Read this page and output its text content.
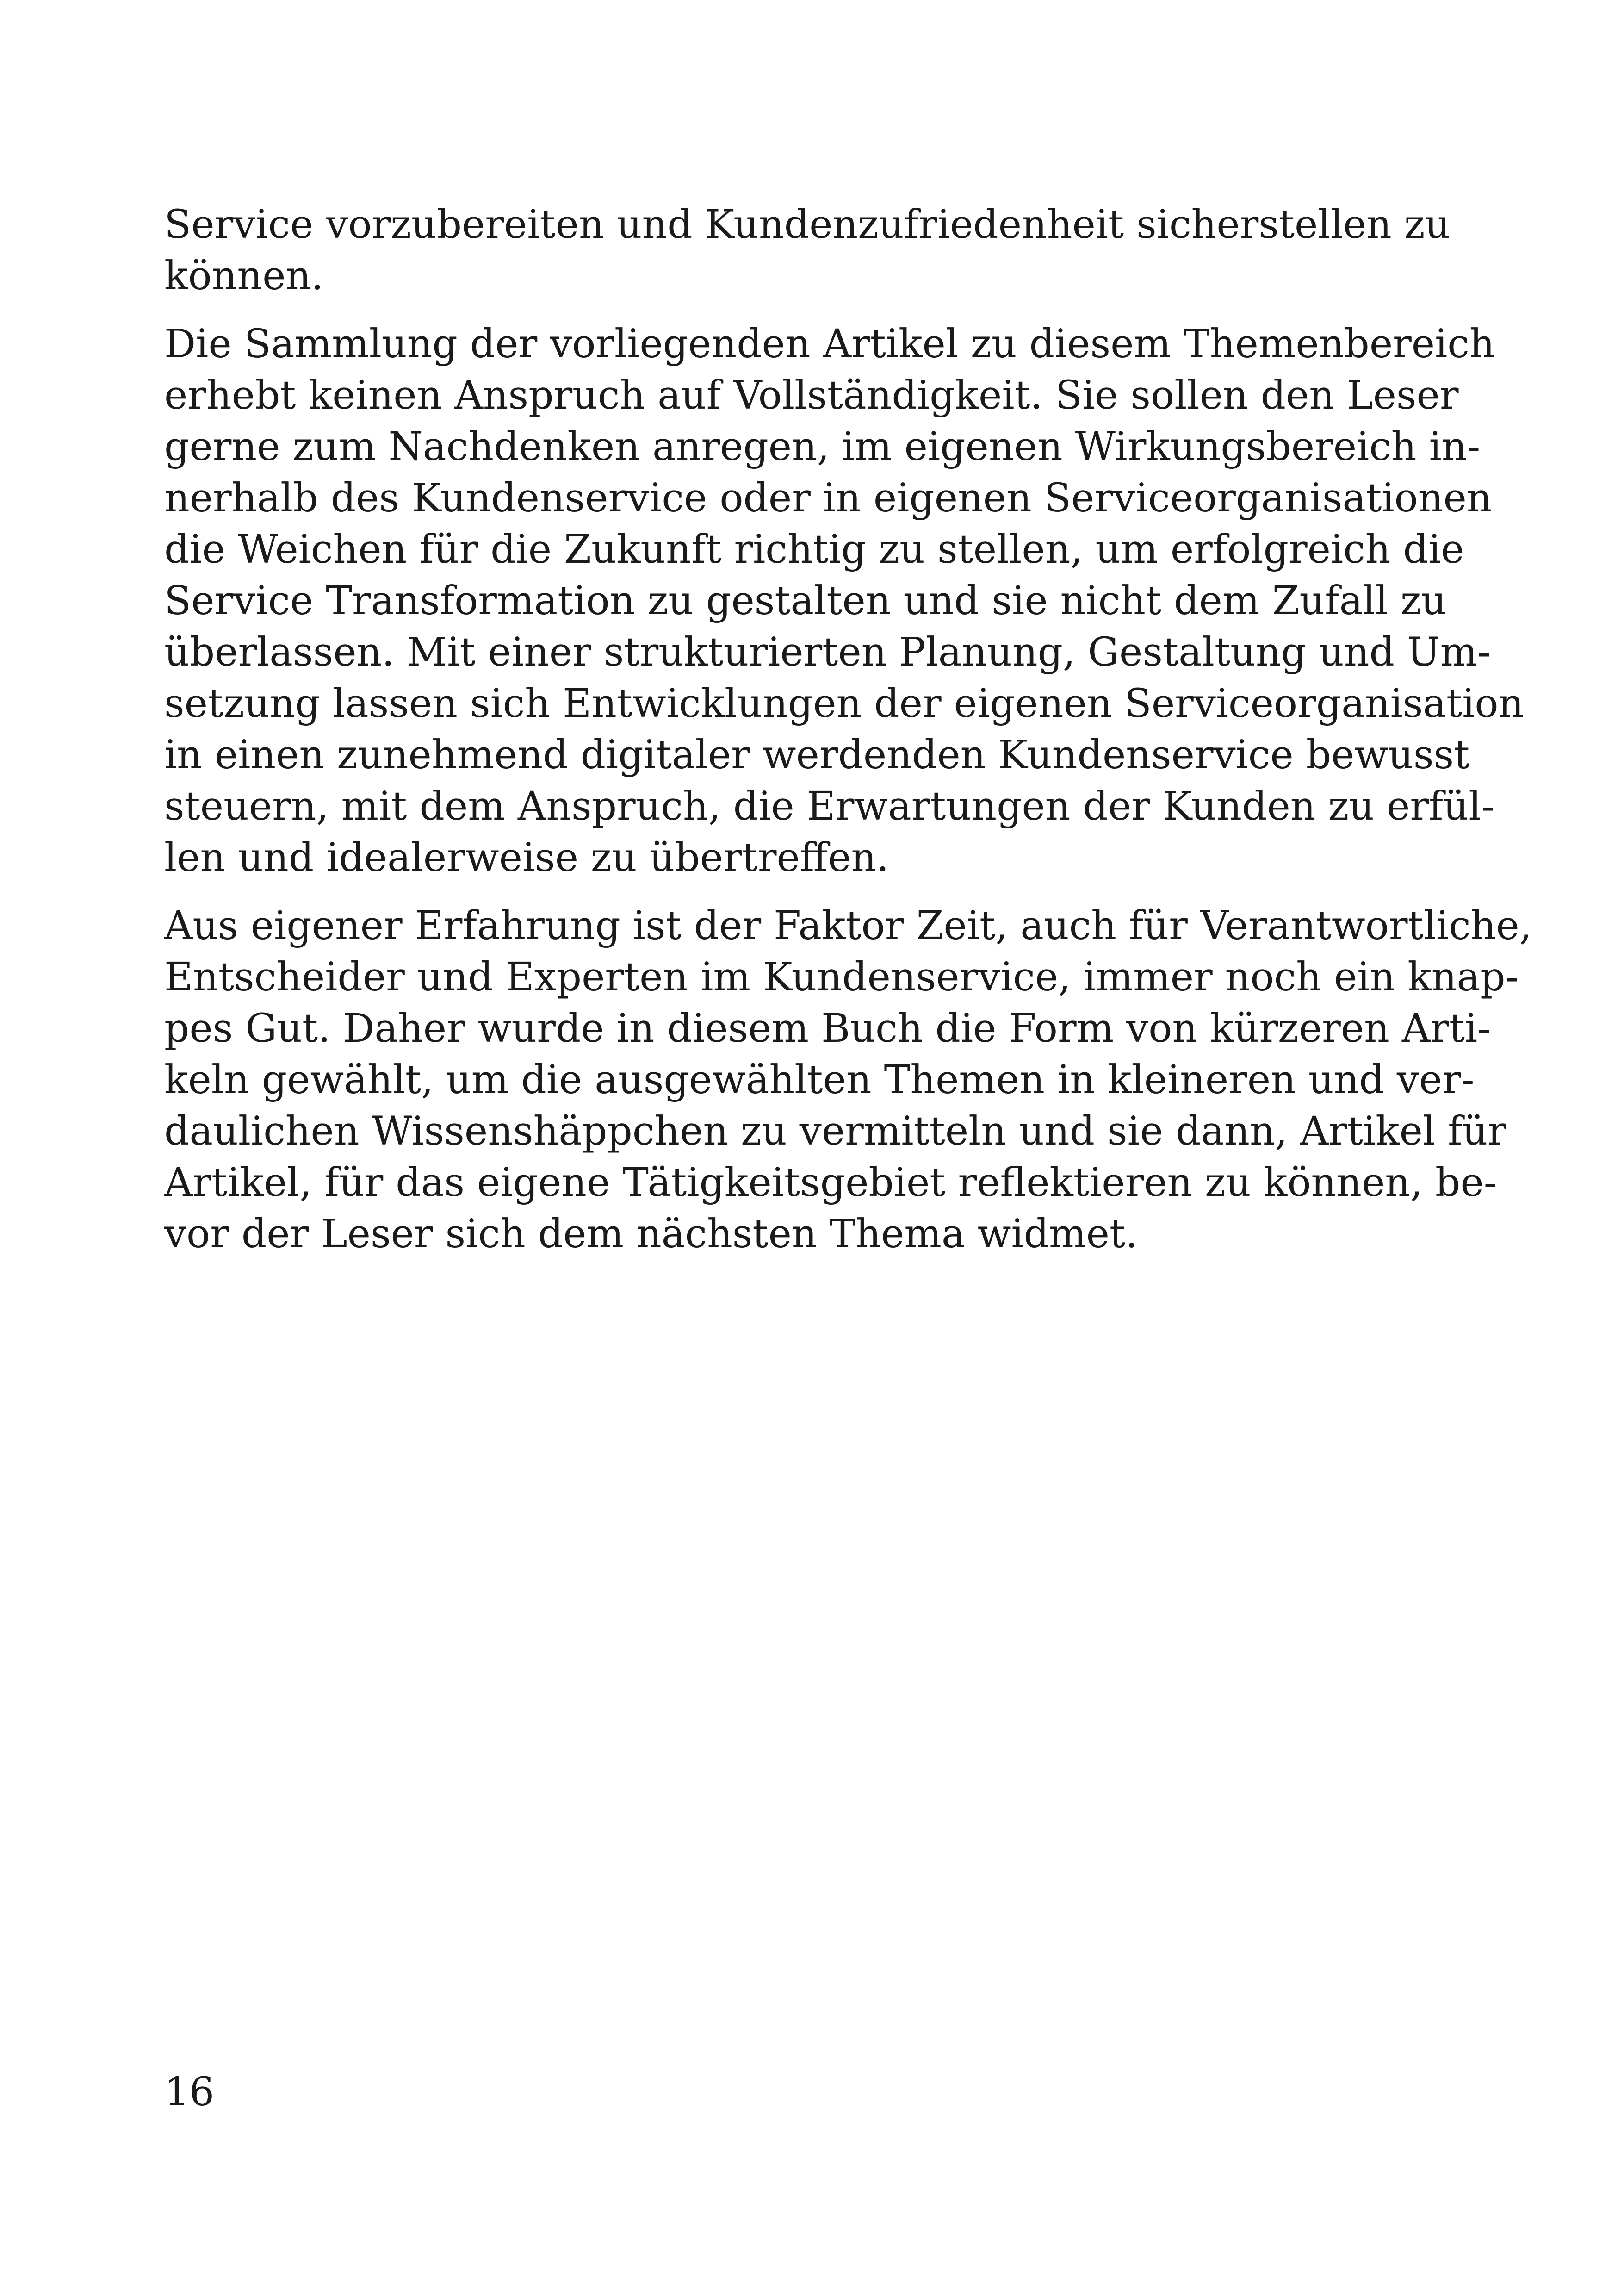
Service vorzubereiten und Kundenzufriedenheit sicherstellen zu
können.

Die Sammlung der vorliegenden Artikel zu diesem Themenbereich
erhebt keinen Anspruch auf Vollständigkeit. Sie sollen den Leser
gerne zum Nachdenken anregen, im eigenen Wirkungsbereich in-
nerhalb des Kundenservice oder in eigenen Serviceorganisationen
die Weichen für die Zukunft richtig zu stellen, um erfolgreich die
Service Transformation zu gestalten und sie nicht dem Zufall zu
überlassen. Mit einer strukturierten Planung, Gestaltung und Um-
setzung lassen sich Entwicklungen der eigenen Serviceorganisation
in einen zunehmend digitaler werdenden Kundenservice bewusst
steuern, mit dem Anspruch, die Erwartungen der Kunden zu erfül-
len und idealerweise zu übertreffen.

Aus eigener Erfahrung ist der Faktor Zeit, auch für Verantwortliche,
Entscheider und Experten im Kundenservice, immer noch ein knap-
pes Gut. Daher wurde in diesem Buch die Form von kürzeren Arti-
keln gewählt, um die ausgewählten Themen in kleineren und ver-
daulichen Wissenshäppchen zu vermitteln und sie dann, Artikel für
Artikel, für das eigene Tätigkeitsgebiet reflektieren zu können, be-
vor der Leser sich dem nächsten Thema widmet.

16
